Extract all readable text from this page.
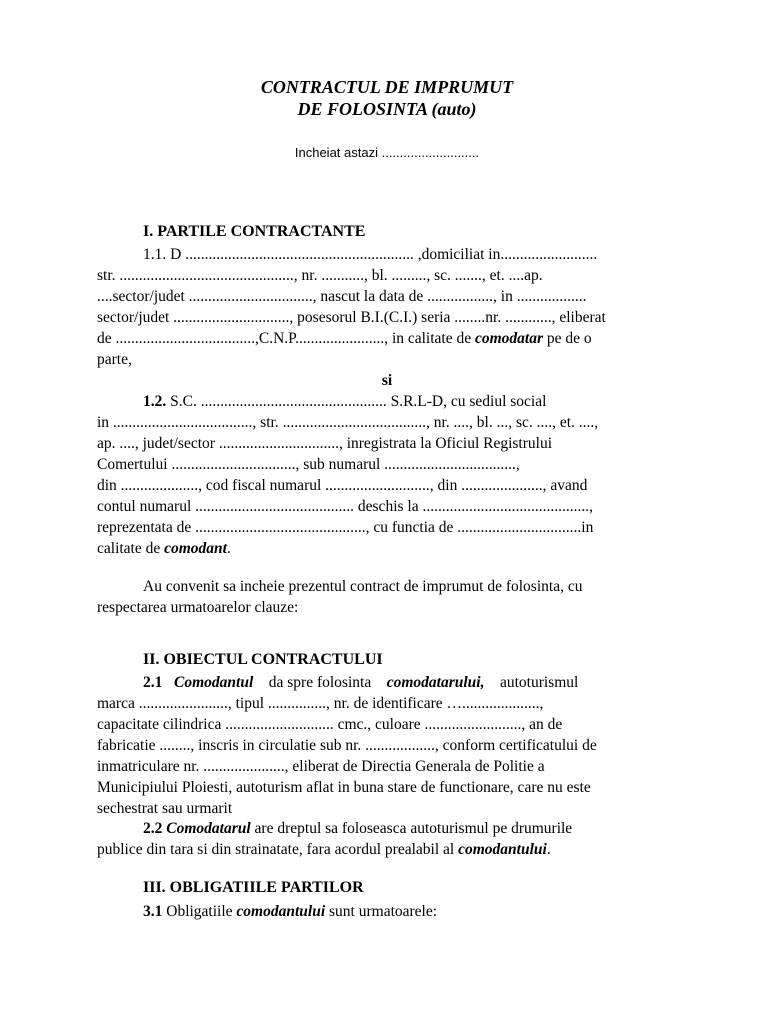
CONTRACTUL DE IMPRUMUT
DE FOLOSINTA (auto)
Incheiat astazi ...........................
I. PARTILE CONTRACTANTE
1.1. D ........................................................... ,domiciliat in.........................
str. ............................................., nr. ..........., bl. ........., sc. ......., et. ....ap.
....sector/judet ................................, nascut la data de ................., in ..................
sector/judet .............................., posesorul B.I.(C.I.) seria ........nr. ............, eliberat
de ....................................,C.N.P......................., in calitate de comodatar pe de o
parte,
si
1.2. S.C. ................................................ S.R.L-D, cu sediul social
in ...................................., str. ....................................., nr. ...., bl. ..., sc. ...., et. ....,
ap. ...., judet/sector ..............................., inregistrata la Oficiul Registrului
Comertului ................................, sub numarul ..................................,
din ...................., cod fiscal numarul ..........................., din ....................., avand
contul numarul ......................................... deschis la ...........................................,
reprezentata de ............................................, cu functia de ................................in
calitate de comodant.
Au convenit sa incheie prezentul contract de imprumut de folosinta, cu
respectarea urmatoarelor clauze:
II. OBIECTUL CONTRACTULUI
2.1 Comodantul da spre folosinta comodatarului, autoturismul
marca ......................., tipul ..............., nr. de identificare …....................,
capacitate cilindrica ............................ cmc., culoare ........................., an de
fabricatie ........, inscris in circulatie sub nr. .................., conform certificatului de
inmatriculare nr. ....................., eliberat de Directia Generala de Politie a
Municipiului Ploiesti, autoturism aflat in buna stare de functionare, care nu este
sechestrat sau urmarit
2.2 Comodatarul are dreptul sa foloseasca autoturismul pe drumurile
publice din tara si din strainatate, fara acordul prealabil al comodantului.
III. OBLIGATIILE PARTILOR
3.1 Obligatiile comodantului sunt urmatoarele:
